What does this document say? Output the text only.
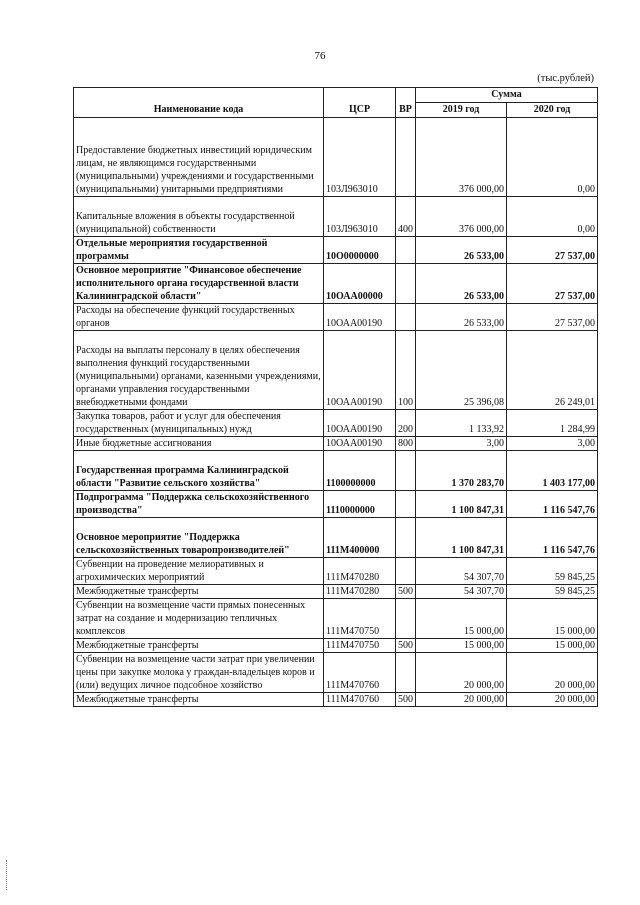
76
(тыс.рублей)
Наименование кода	ЦСР	ВР	Сумма	
			2019 год	2020 год
Предоставление бюджетных инвестиций юридическим лицам, не являющимся государственными (муниципальными) учреждениями и государственными (муниципальными) унитарными предприятиями	103Л963010		376 000,00	0,00
Капитальные вложения в объекты государственной (муниципальной) собственности	103Л963010	400	376 000,00	0,00
Отдельные мероприятия государственной программы	10О0000000		26 533,00	27 537,00
Основное мероприятие "Финансовое обеспечение исполнительного органа государственной власти Калининградской области"	10ОАА00000		26 533,00	27 537,00
Расходы на обеспечение функций государственных органов	10ОАА00190		26 533,00	27 537,00
Расходы на выплаты персоналу в целях обеспечения выполнения функций государственными (муниципальными) органами, казенными учреждениями, органами управления государственными внебюджетными фондами	10ОАА00190	100	25 396,08	26 249,01
Закупка товаров, работ и услуг для обеспечения государственных (муниципальных) нужд	10ОАА00190	200	1 133,92	1 284,99
Иные бюджетные ассигнования	10ОАА00190	800	3,00	3,00
Государственная программа Калининградской области "Развитие сельского хозяйства"	1100000000		1 370 283,70	1 403 177,00
Подпрограмма "Поддержка сельскохозяйственного производства"	1110000000		1 100 847,31	1 116 547,76
Основное мероприятие "Поддержка сельскохозяйственных товаропроизводителей"	111М400000		1 100 847,31	1 116 547,76
Субвенции на проведение мелиоративных и агрохимических мероприятий	111М470280		54 307,70	59 845,25
Межбюджетные трансферты	111М470280	500	54 307,70	59 845,25
Субвенции на возмещение части прямых понесенных затрат на создание и модернизацию тепличных комплексов	111М470750		15 000,00	15 000,00
Межбюджетные трансферты	111М470750	500	15 000,00	15 000,00
Субвенции на возмещение части затрат при увеличении цены при закупке молока у граждан-владельцев коров и (или) ведущих личное подсобное хозяйство	111М470760		20 000,00	20 000,00
Межбюджетные трансферты	111М470760	500	20 000,00	20 000,00
